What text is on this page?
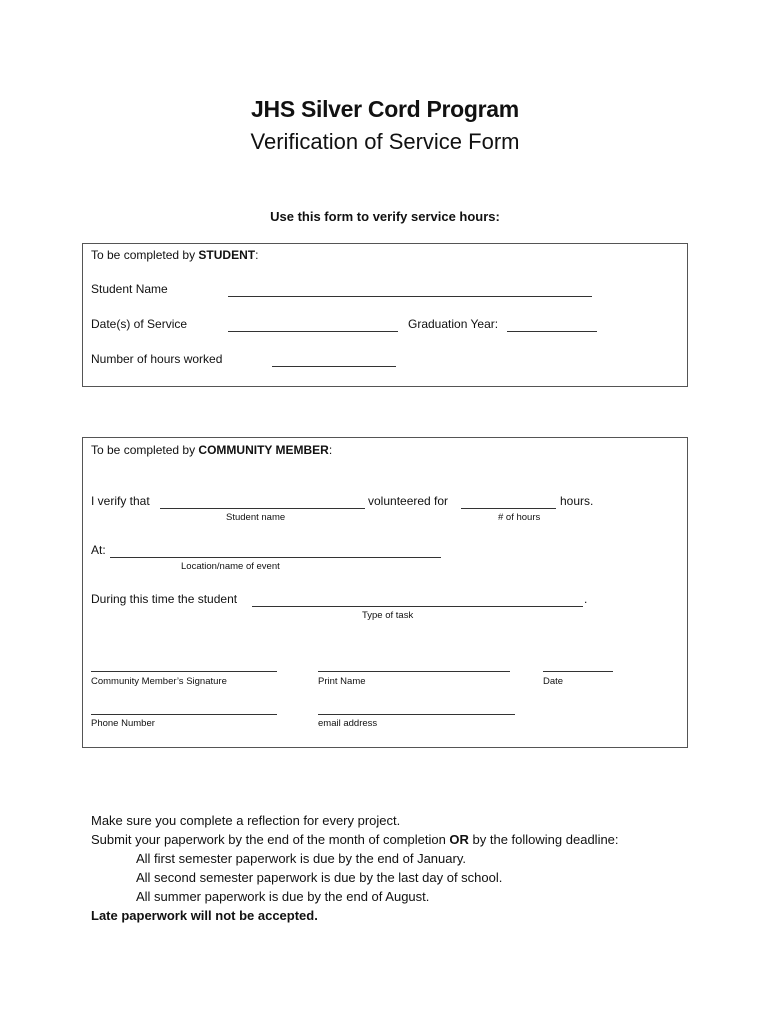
JHS Silver Cord Program
Verification of Service Form
Use this form to verify service hours:
To be completed by STUDENT:
Student Name
Date(s) of Service	Graduation Year:
Number of hours worked
To be completed by COMMUNITY MEMBER:
I verify that	volunteered for	hours.
Student name	# of hours
At:
Location/name of event
During this time the student	.
Type of task
Community Member’s Signature	Print Name	Date
Phone Number	email address
Make sure you complete a reflection for every project.
Submit your paperwork by the end of the month of completion OR by the following deadline:
All first semester paperwork is due by the end of January.
All second semester paperwork is due by the last day of school.
All summer paperwork is due by the end of August.
Late paperwork will not be accepted.
